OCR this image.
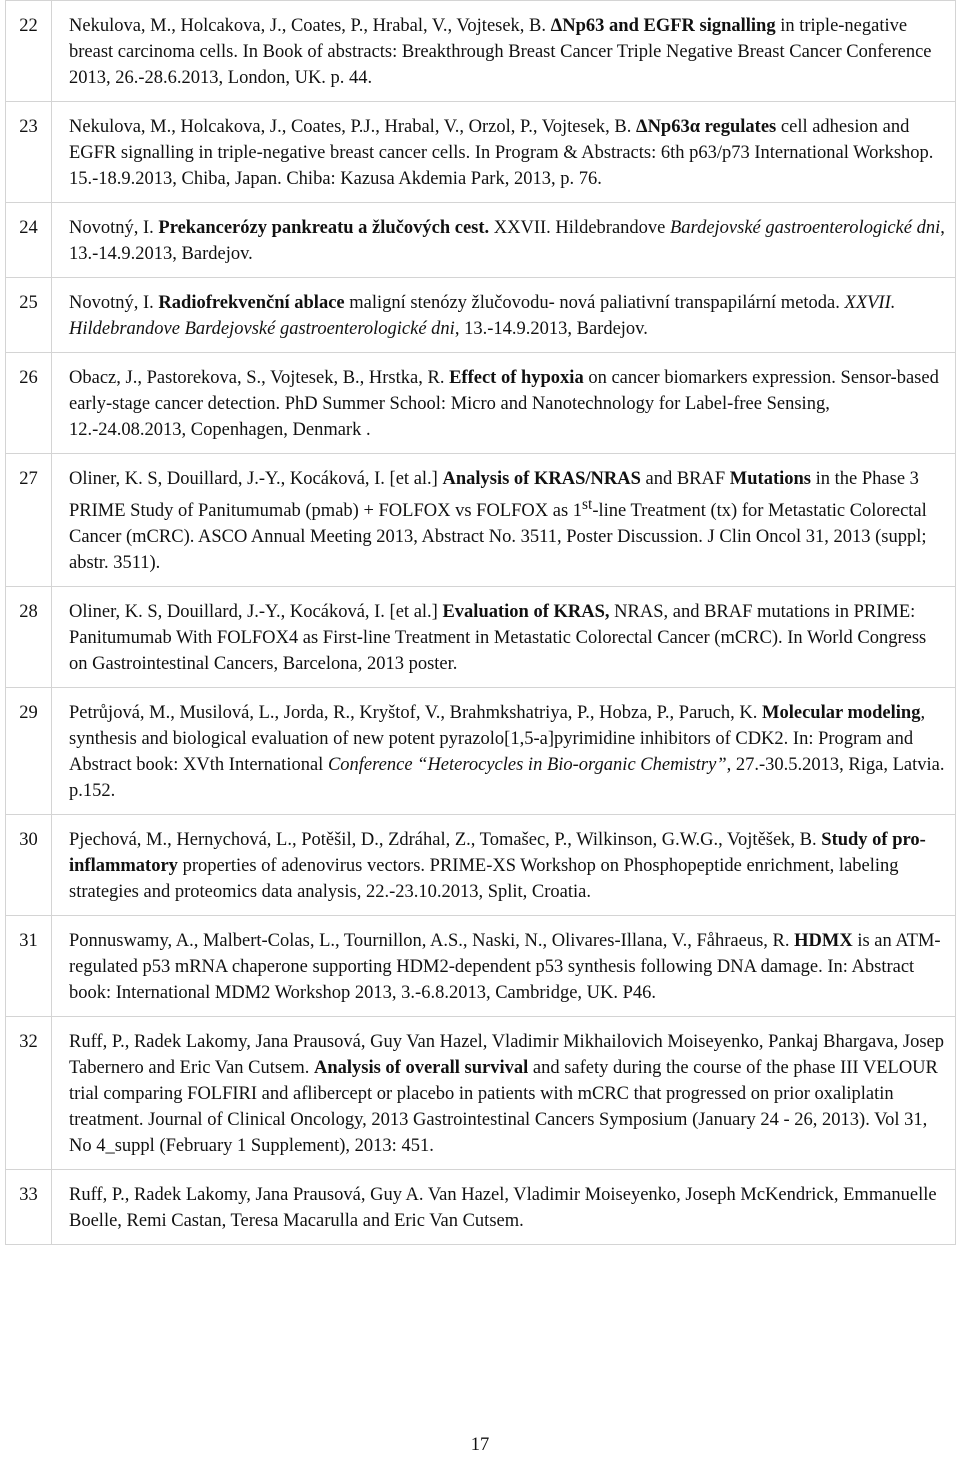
22	Nekulova, M., Holcakova, J., Coates, P., Hrabal, V., Vojtesek, B. ΔNp63 and EGFR signalling in triple-negative breast carcinoma cells. In Book of abstracts: Breakthrough Breast Cancer Triple Negative Breast Cancer Conference 2013, 26.-28.6.2013, London, UK. p. 44.
23	Nekulova, M., Holcakova, J., Coates, P.J., Hrabal, V., Orzol, P., Vojtesek, B. ΔNp63α regulates cell adhesion and EGFR signalling in triple-negative breast cancer cells. In Program & Abstracts: 6th p63/p73 International Workshop. 15.-18.9.2013, Chiba, Japan. Chiba: Kazusa Akdemia Park, 2013, p. 76.
24	Novotný, I. Prekancerózy pankreatu a žlučových cest. XXVII. Hildebrandove Bardejovské gastroenterologické dni, 13.-14.9.2013, Bardejov.
25	Novotný, I. Radiofrekvenční ablace maligní stenózy žlučovodu- nová paliativní transpapilární metoda. XXVII. Hildebrandove Bardejovské gastroenterologické dni, 13.-14.9.2013, Bardejov.
26	Obacz, J., Pastorekova, S., Vojtesek, B., Hrstka, R. Effect of hypoxia on cancer biomarkers expression. Sensor-based early-stage cancer detection. PhD Summer School: Micro and Nanotechnology for Label-free Sensing, 12.-24.08.2013, Copenhagen, Denmark .
27	Oliner, K. S, Douillard, J.-Y., Kocáková, I. [et al.] Analysis of KRAS/NRAS and BRAF Mutations in the Phase 3 PRIME Study of Panitumumab (pmab) + FOLFOX vs FOLFOX as 1st-line Treatment (tx) for Metastatic Colorectal Cancer (mCRC). ASCO Annual Meeting 2013, Abstract No. 3511, Poster Discussion. J Clin Oncol 31, 2013 (suppl; abstr. 3511).
28	Oliner, K. S, Douillard, J.-Y., Kocáková, I. [et al.] Evaluation of KRAS, NRAS, and BRAF mutations in PRIME: Panitumumab With FOLFOX4 as First-line Treatment in Metastatic Colorectal Cancer (mCRC). In World Congress on Gastrointestinal Cancers, Barcelona, 2013 poster.
29	Petrůjová, M., Musilová, L., Jorda, R., Kryštof, V., Brahmkshatriya, P., Hobza, P., Paruch, K. Molecular modeling, synthesis and biological evaluation of new potent pyrazolo[1,5-a]pyrimidine inhibitors of CDK2. In: Program and Abstract book: XVth International Conference “Heterocycles in Bio-organic Chemistry”, 27.-30.5.2013, Riga, Latvia. p.152.
30	Pjechová, M., Hernychová, L., Potěšil, D., Zdráhal, Z., Tomašec, P., Wilkinson, G.W.G., Vojtěšek, B. Study of pro-inflammatory properties of adenovirus vectors. PRIME-XS Workshop on Phosphopeptide enrichment, labeling strategies and proteomics data analysis, 22.-23.10.2013, Split, Croatia.
31	Ponnuswamy, A., Malbert-Colas, L., Tournillon, A.S., Naski, N., Olivares-Illana, V., Fåhraeus, R. HDMX is an ATM-regulated p53 mRNA chaperone supporting HDM2-dependent p53 synthesis following DNA damage. In: Abstract book: International MDM2 Workshop 2013, 3.-6.8.2013, Cambridge, UK. P46.
32	Ruff, P., Radek Lakomy, Jana Prausová, Guy Van Hazel, Vladimir Mikhailovich Moiseyenko, Pankaj Bhargava, Josep Tabernero and Eric Van Cutsem. Analysis of overall survival and safety during the course of the phase III VELOUR trial comparing FOLFIRI and aflibercept or placebo in patients with mCRC that progressed on prior oxaliplatin treatment. Journal of Clinical Oncology, 2013 Gastrointestinal Cancers Symposium (January 24 - 26, 2013). Vol 31, No 4_suppl (February 1 Supplement), 2013: 451.
33	Ruff, P., Radek Lakomy, Jana Prausová, Guy A. Van Hazel, Vladimir Moiseyenko, Joseph McKendrick, Emmanuelle Boelle, Remi Castan, Teresa Macarulla and Eric Van Cutsem.
17
